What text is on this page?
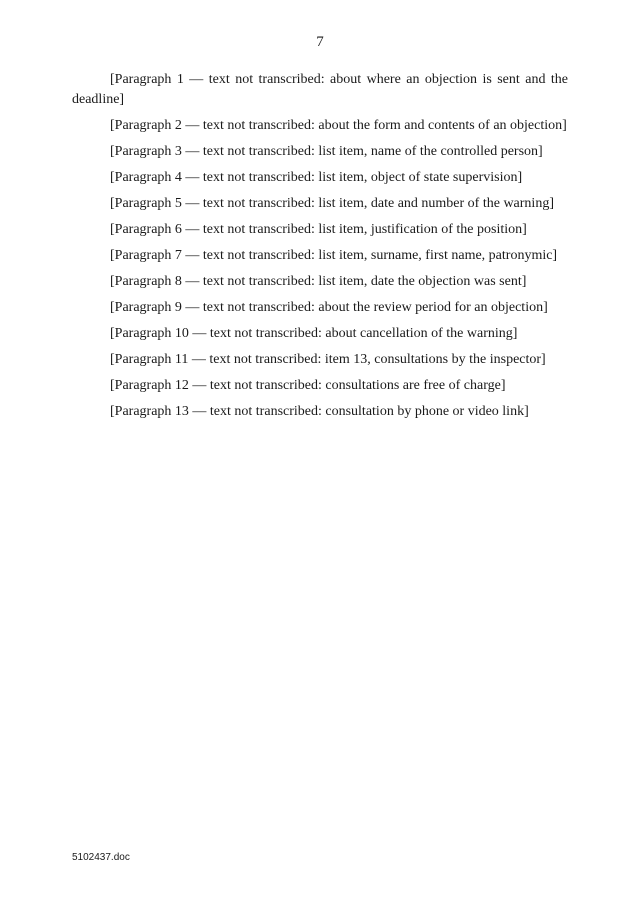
7

[Paragraph 1 — text not transcribed: about where an objection is sent and the deadline]

[Paragraph 2 — text not transcribed: about the form and contents of an objection]

[Paragraph 3 — text not transcribed: list item, name of the controlled person]

[Paragraph 4 — text not transcribed: list item, object of state supervision]

[Paragraph 5 — text not transcribed: list item, date and number of the warning]

[Paragraph 6 — text not transcribed: list item, justification of the position]

[Paragraph 7 — text not transcribed: list item, surname, first name, patronymic]

[Paragraph 8 — text not transcribed: list item, date the objection was sent]

[Paragraph 9 — text not transcribed: about the review period for an objection]

[Paragraph 10 — text not transcribed: about cancellation of the warning]

[Paragraph 11 — text not transcribed: item 13, consultations by the inspector]

[Paragraph 12 — text not transcribed: consultations are free of charge]

[Paragraph 13 — text not transcribed: consultation by phone or video link]

5102437.doc
